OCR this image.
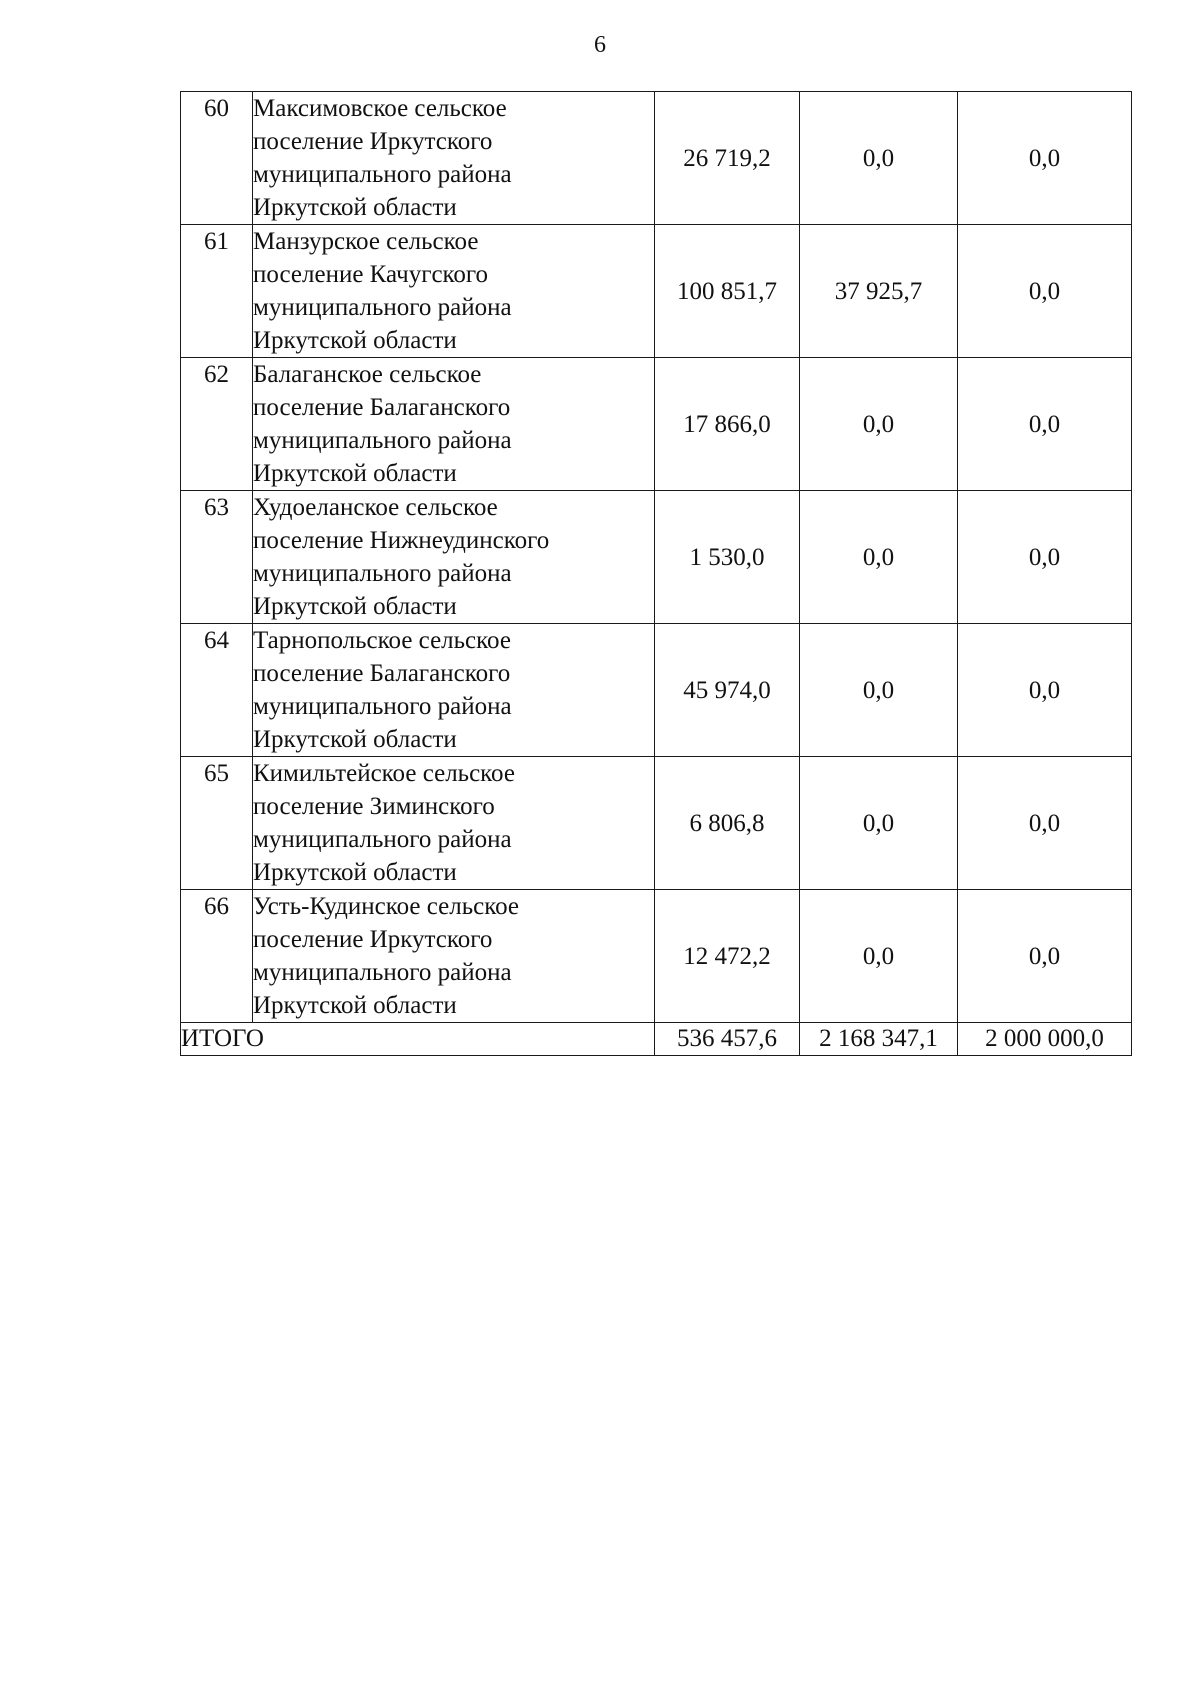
6
60	Максимовское сельское
поселение Иркутского
муниципального района
Иркутской области	26 719,2	0,0	0,0
61	Манзурское сельское
поселение Качугского
муниципального района
Иркутской области	100 851,7	37 925,7	0,0
62	Балаганское сельское
поселение Балаганского
муниципального района
Иркутской области	17 866,0	0,0	0,0
63	Худоеланское сельское
поселение Нижнеудинского
муниципального района
Иркутской области	1 530,0	0,0	0,0
64	Тарнопольское сельское
поселение Балаганского
муниципального района
Иркутской области	45 974,0	0,0	0,0
65	Кимильтейское сельское
поселение Зиминского
муниципального района
Иркутской области	6 806,8	0,0	0,0
66	Усть-Кудинское сельское
поселение Иркутского
муниципального района
Иркутской области	12 472,2	0,0	0,0
ИТОГО		536 457,6	2 168 347,1	2 000 000,0
